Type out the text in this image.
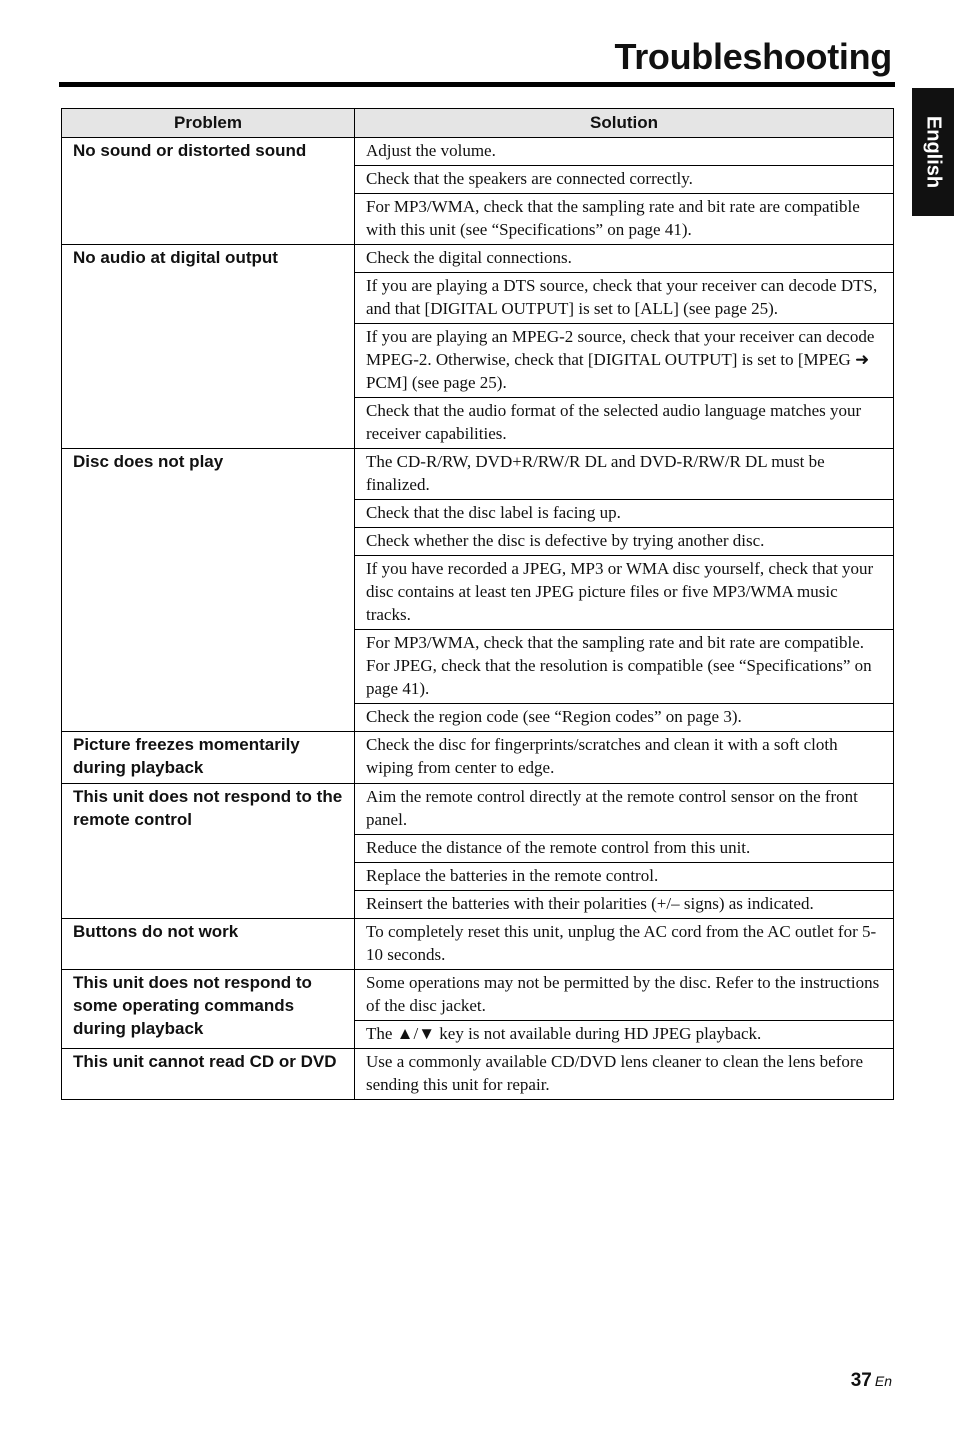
Troubleshooting
English
Problem	Solution
No sound or distorted sound	Adjust the volume.
	Check that the speakers are connected correctly.
	For MP3/WMA, check that the sampling rate and bit rate are compatible with this unit (see “Specifications” on page 41).
No audio at digital output	Check the digital connections.
	If you are playing a DTS source, check that your receiver can decode DTS, and that [DIGITAL OUTPUT] is set to [ALL] (see page 25).
	If you are playing an MPEG-2 source, check that your receiver can decode MPEG-2. Otherwise, check that [DIGITAL OUTPUT] is set to [MPEG ➜ PCM] (see page 25).
	Check that the audio format of the selected audio language matches your receiver capabilities.
Disc does not play	The CD-R/RW, DVD+R/RW/R DL and DVD-R/RW/R DL must be finalized.
	Check that the disc label is facing up.
	Check whether the disc is defective by trying another disc.
	If you have recorded a JPEG, MP3 or WMA disc yourself, check that your disc contains at least ten JPEG picture files or five MP3/WMA music tracks.
	For MP3/WMA, check that the sampling rate and bit rate are compatible. For JPEG, check that the resolution is compatible (see “Specifications” on page 41).
	Check the region code (see “Region codes” on page 3).
Picture freezes momentarily during playback	Check the disc for fingerprints/scratches and clean it with a soft cloth wiping from center to edge.
This unit does not respond to the remote control	Aim the remote control directly at the remote control sensor on the front panel.
	Reduce the distance of the remote control from this unit.
	Replace the batteries in the remote control.
	Reinsert the batteries with their polarities (+/– signs) as indicated.
Buttons do not work	To completely reset this unit, unplug the AC cord from the AC outlet for 5-10 seconds.
This unit does not respond to some operating commands during playback	Some operations may not be permitted by the disc. Refer to the instructions of the disc jacket.
	The ▲/▼ key is not available during HD JPEG playback.
This unit cannot read CD or DVD	Use a commonly available CD/DVD lens cleaner to clean the lens before sending this unit for repair.
37 En
